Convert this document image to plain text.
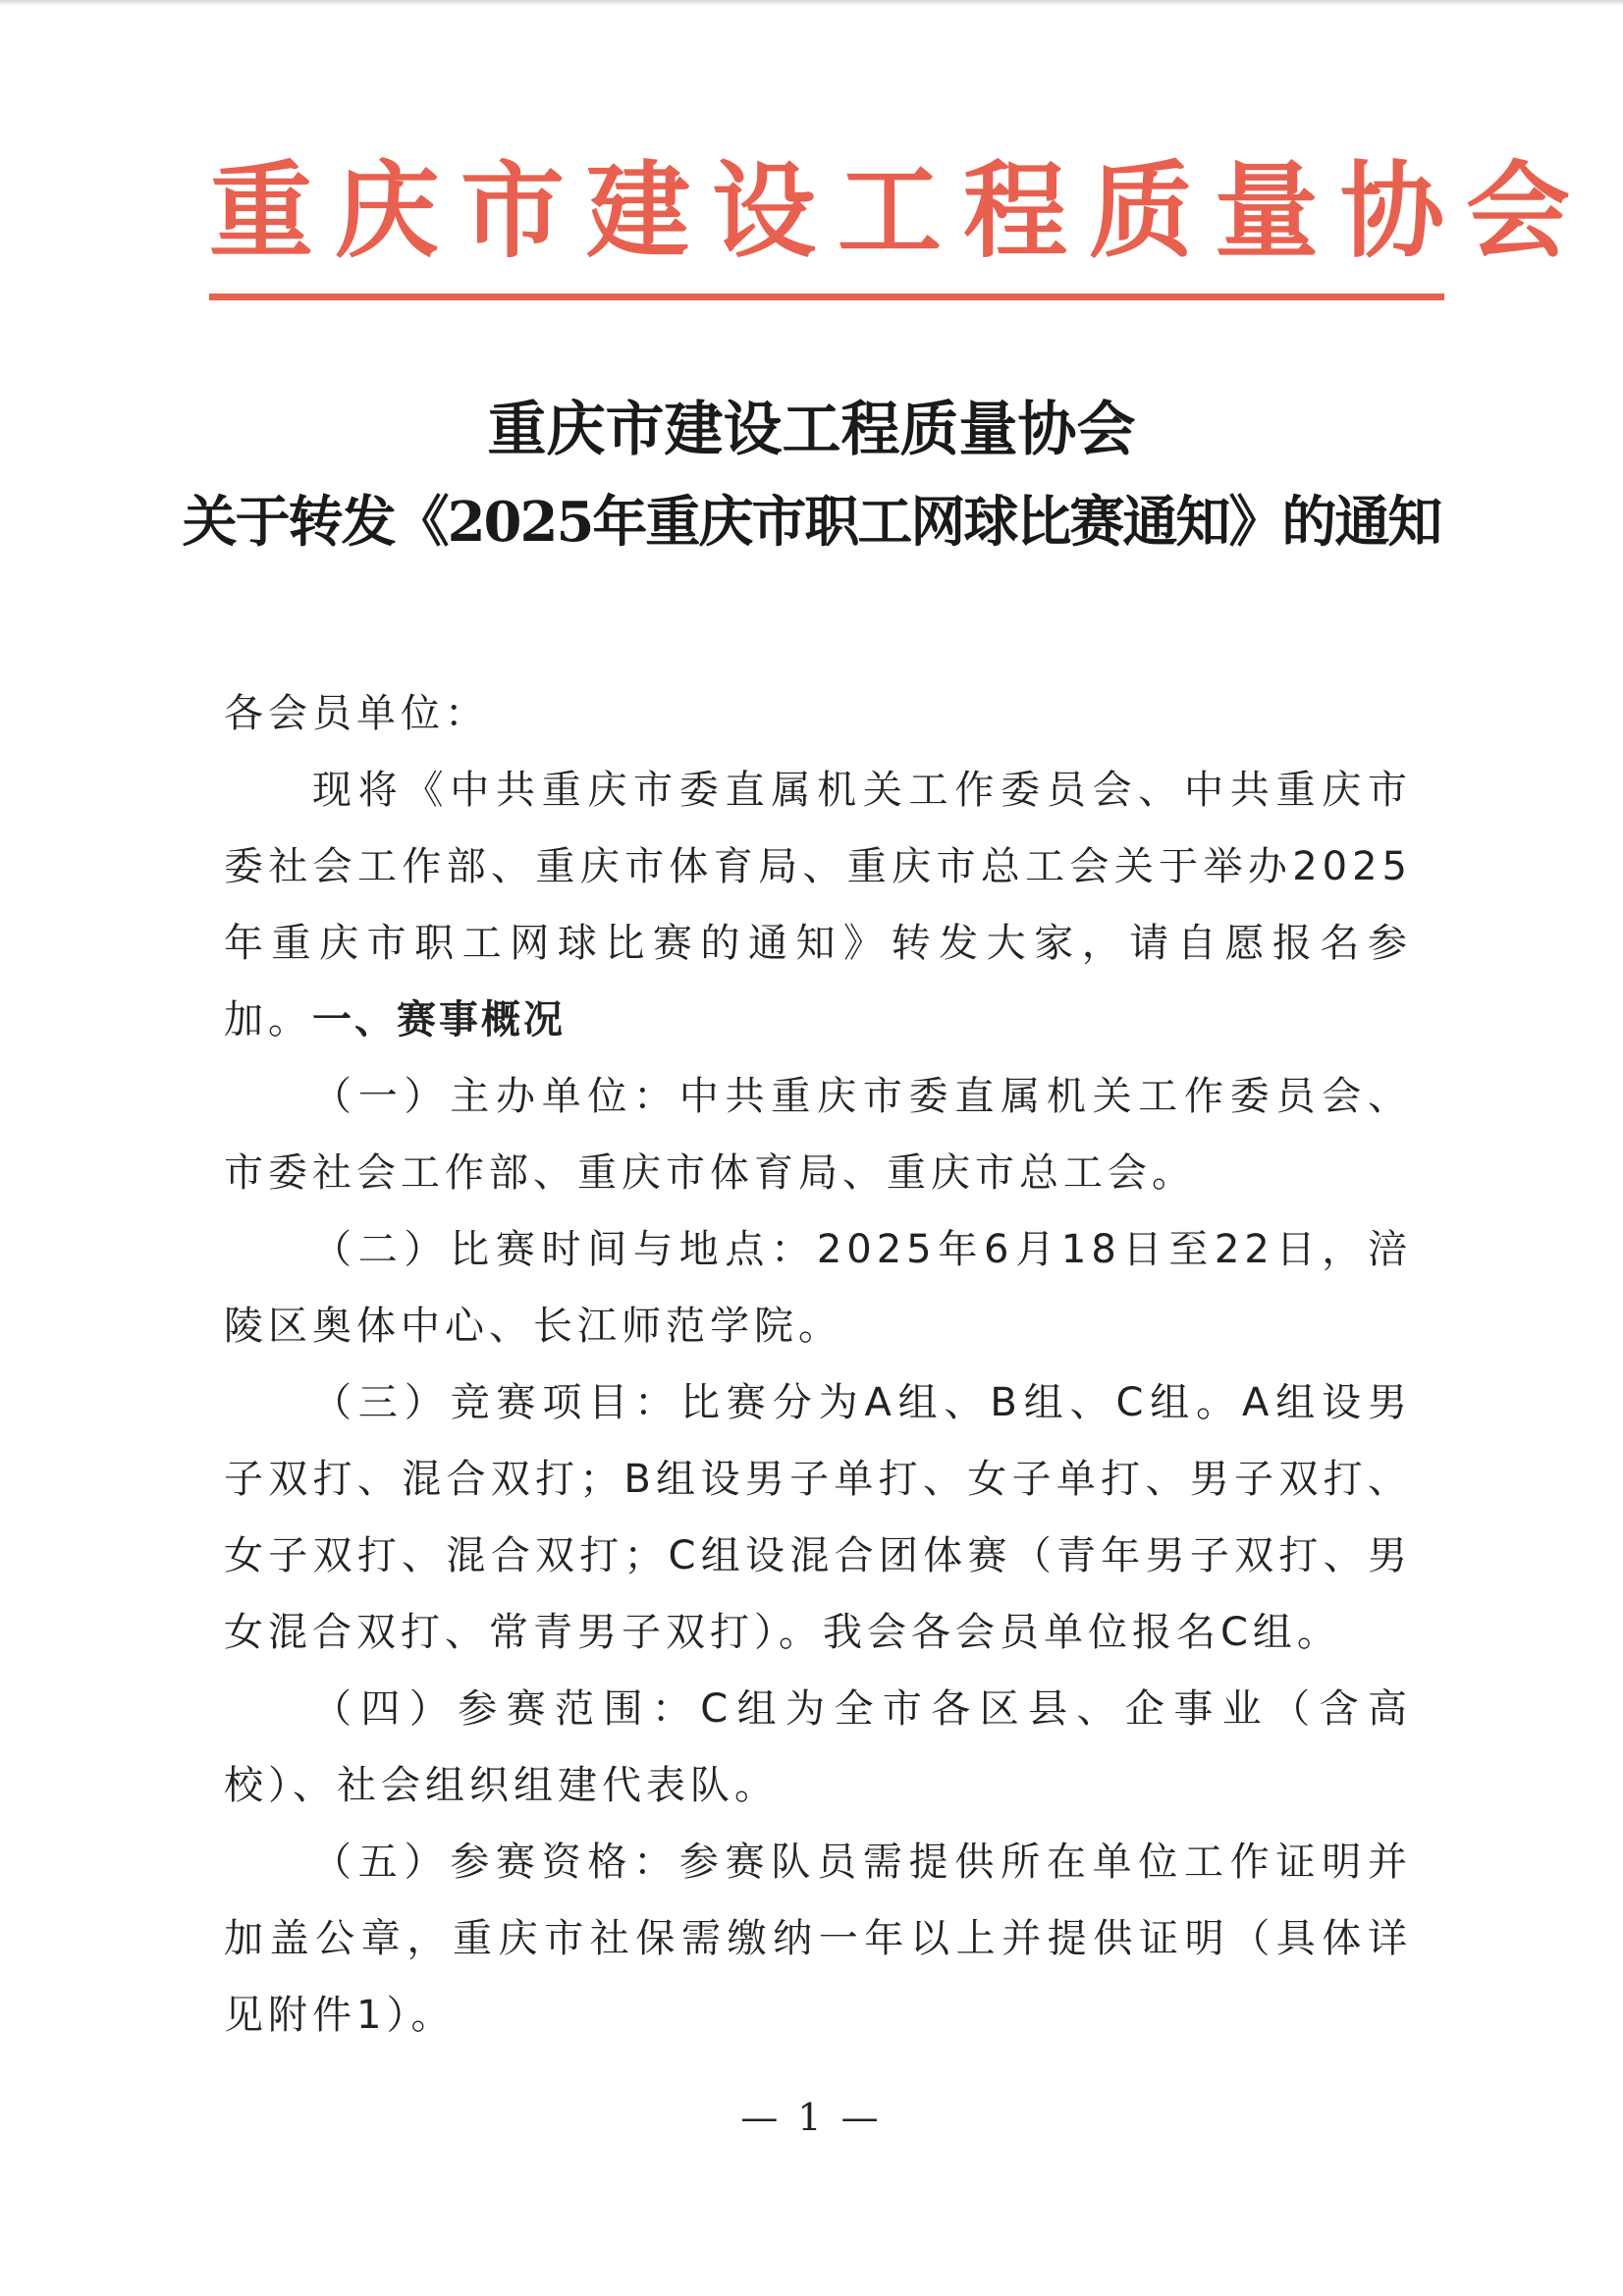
重庆市建设工程质量协会
重庆市建设工程质量协会
关于转发《2025年重庆市职工网球比赛通知》的通知

各会员单位：

现将《中共重庆市委直属机关工作委员会、中共重庆市委社会工作部、重庆市体育局、重庆市总工会关于举办2025年重庆市职工网球比赛的通知》转发大家，请自愿报名参加。 一、赛事概况

（一）主办单位：中共重庆市委直属机关工作委员会、市委社会工作部、重庆市体育局、重庆市总工会。

（二）比赛时间与地点：2025年6月18日至22日，涪陵区奥体中心、长江师范学院。

（三）竞赛项目：比赛分为A组、B组、C组。A组设男子双打、混合双打；B组设男子单打、女子单打、男子双打、女子双打、混合双打；C组设混合团体赛（青年男子双打、男女混合双打、常青男子双打）。我会各会员单位报名C组。

（四）参赛范围：C组为全市各区县、企事业（含高校）、社会组织组建代表队。

（五）参赛资格：参赛队员需提供所在单位工作证明并加盖公章，重庆市社保需缴纳一年以上并提供证明（具体详见附件1）。

— 1 —
